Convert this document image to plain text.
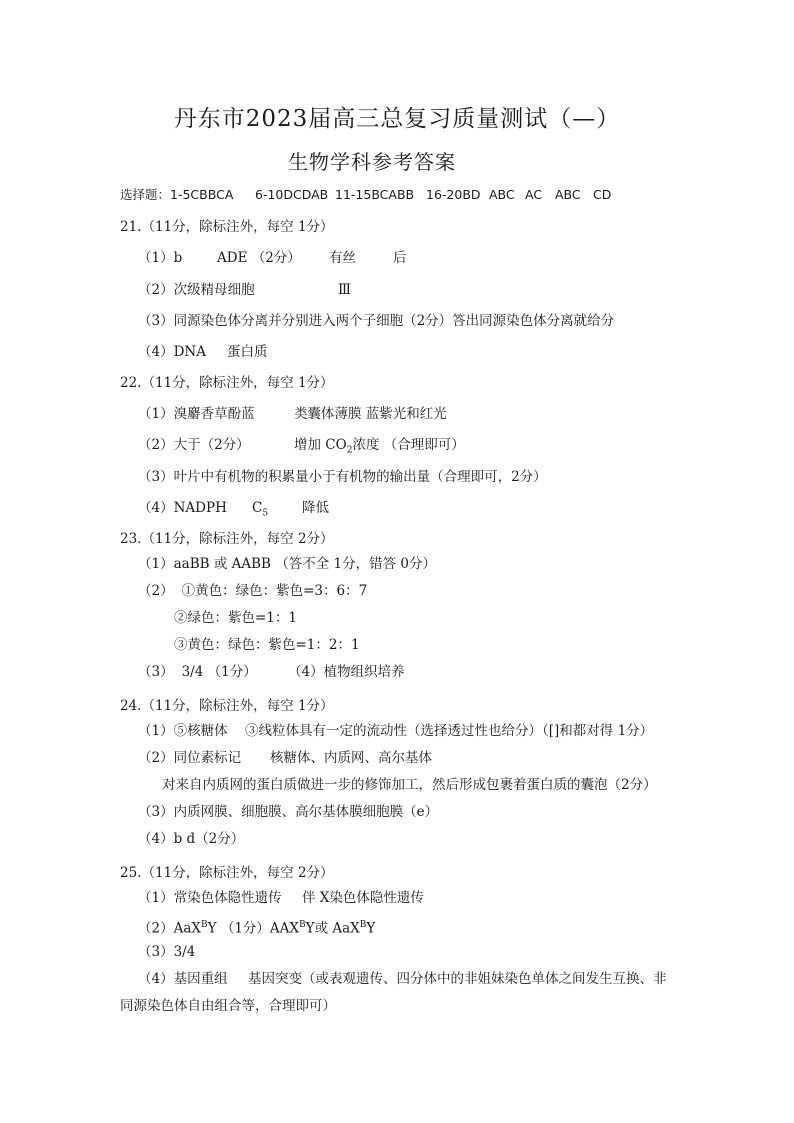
丹东市2023届高三总复习质量测试（—）
生物学科参考答案
选择题：1-5CBBCA 6-10DCDAB 11-15BCABB 16-20BD ABC AC ABC CD
21.（11分，除标注外，每空 1分）
（1）b	ADE （2分） 有丝	后
（2）次级精母细胞	Ⅲ
（3）同源染色体分离并分别进入两个子细胞（2分）答出同源染色体分离就给分
（4）DNA 蛋白质
22.（11分，除标注外，每空 1分）
（1）溴麝香草酚蓝	类囊体薄膜 蓝紫光和红光
（2）大于（2分）	增加 $CO_2$浓度 （合理即可）
（3）叶片中有机物的积累量小于有机物的输出量（合理即可，2分）
（4）NADPH $C_5$	降低
23.（11分，除标注外，每空 2分）
（1）aaBB 或 AABB （答不全 1分，错答 0分）
（2） ①黄色：绿色：紫色=3：6：7
②绿色：紫色=1：1
③黄色：绿色：紫色=1：2：1
（3） 3/4 （1分） （4）植物组织培养
24.（11分，除标注外，每空 1分）
（1）⑤核糖体 ③线粒体具有一定的流动性（选择透过性也给分）（[]和都对得 1分）
（2）同位素标记 核糖体、内质网、高尔基体
对来自内质网的蛋白质做进一步的修饰加工，然后形成包裹着蛋白质的囊泡（2分）
（3）内质网膜、细胞膜、高尔基体膜细胞膜（e）
（4）b d（2分）
25.（11分，除标注外，每空 2分）
（1）常染色体隐性遗传 伴 X染色体隐性遗传
（2）AaX$^B$Y （1分）$AAX^BY$或 AaX$^B$Y
（3）3/4
（4）基因重组 基因突变（或表观遗传、四分体中的非姐妹染色单体之间发生互换、非
同源染色体自由组合等，合理即可）
